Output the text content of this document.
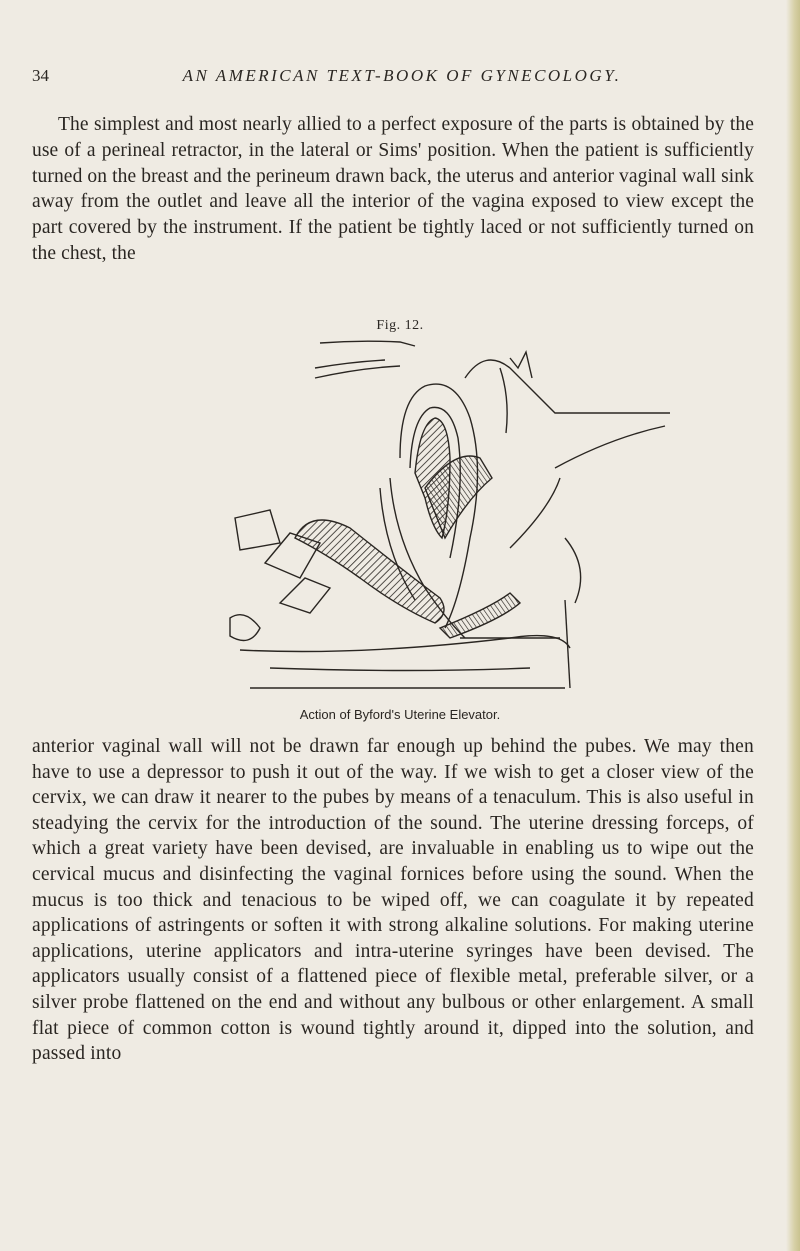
34	AN AMERICAN TEXT-BOOK OF GYNECOLOGY.

The simplest and most nearly allied to a perfect exposure of the parts is obtained by the use of a perineal retractor, in the lateral or Sims' position. When the patient is sufficiently turned on the breast and the perineum drawn back, the uterus and anterior vaginal wall sink away from the outlet and leave all the interior of the vagina exposed to view except the part covered by the instrument. If the patient be tightly laced or not sufficiently turned on the chest, the

Fig. 12.
Action of Byford's Uterine Elevator.

anterior vaginal wall will not be drawn far enough up behind the pubes. We may then have to use a depressor to push it out of the way. If we wish to get a closer view of the cervix, we can draw it nearer to the pubes by means of a tenaculum. This is also useful in steadying the cervix for the introduction of the sound. The uterine dressing forceps, of which a great variety have been devised, are invaluable in enabling us to wipe out the cervical mucus and disinfecting the vaginal fornices before using the sound. When the mucus is too thick and tenacious to be wiped off, we can coagulate it by repeated applications of astringents or soften it with strong alkaline solutions. For making uterine applications, uterine applicators and intra-uterine syringes have been devised. The applicators usually consist of a flattened piece of flexible metal, preferable silver, or a silver probe flattened on the end and without any bulbous or other enlargement. A small flat piece of common cotton is wound tightly around it, dipped into the solution, and passed into
